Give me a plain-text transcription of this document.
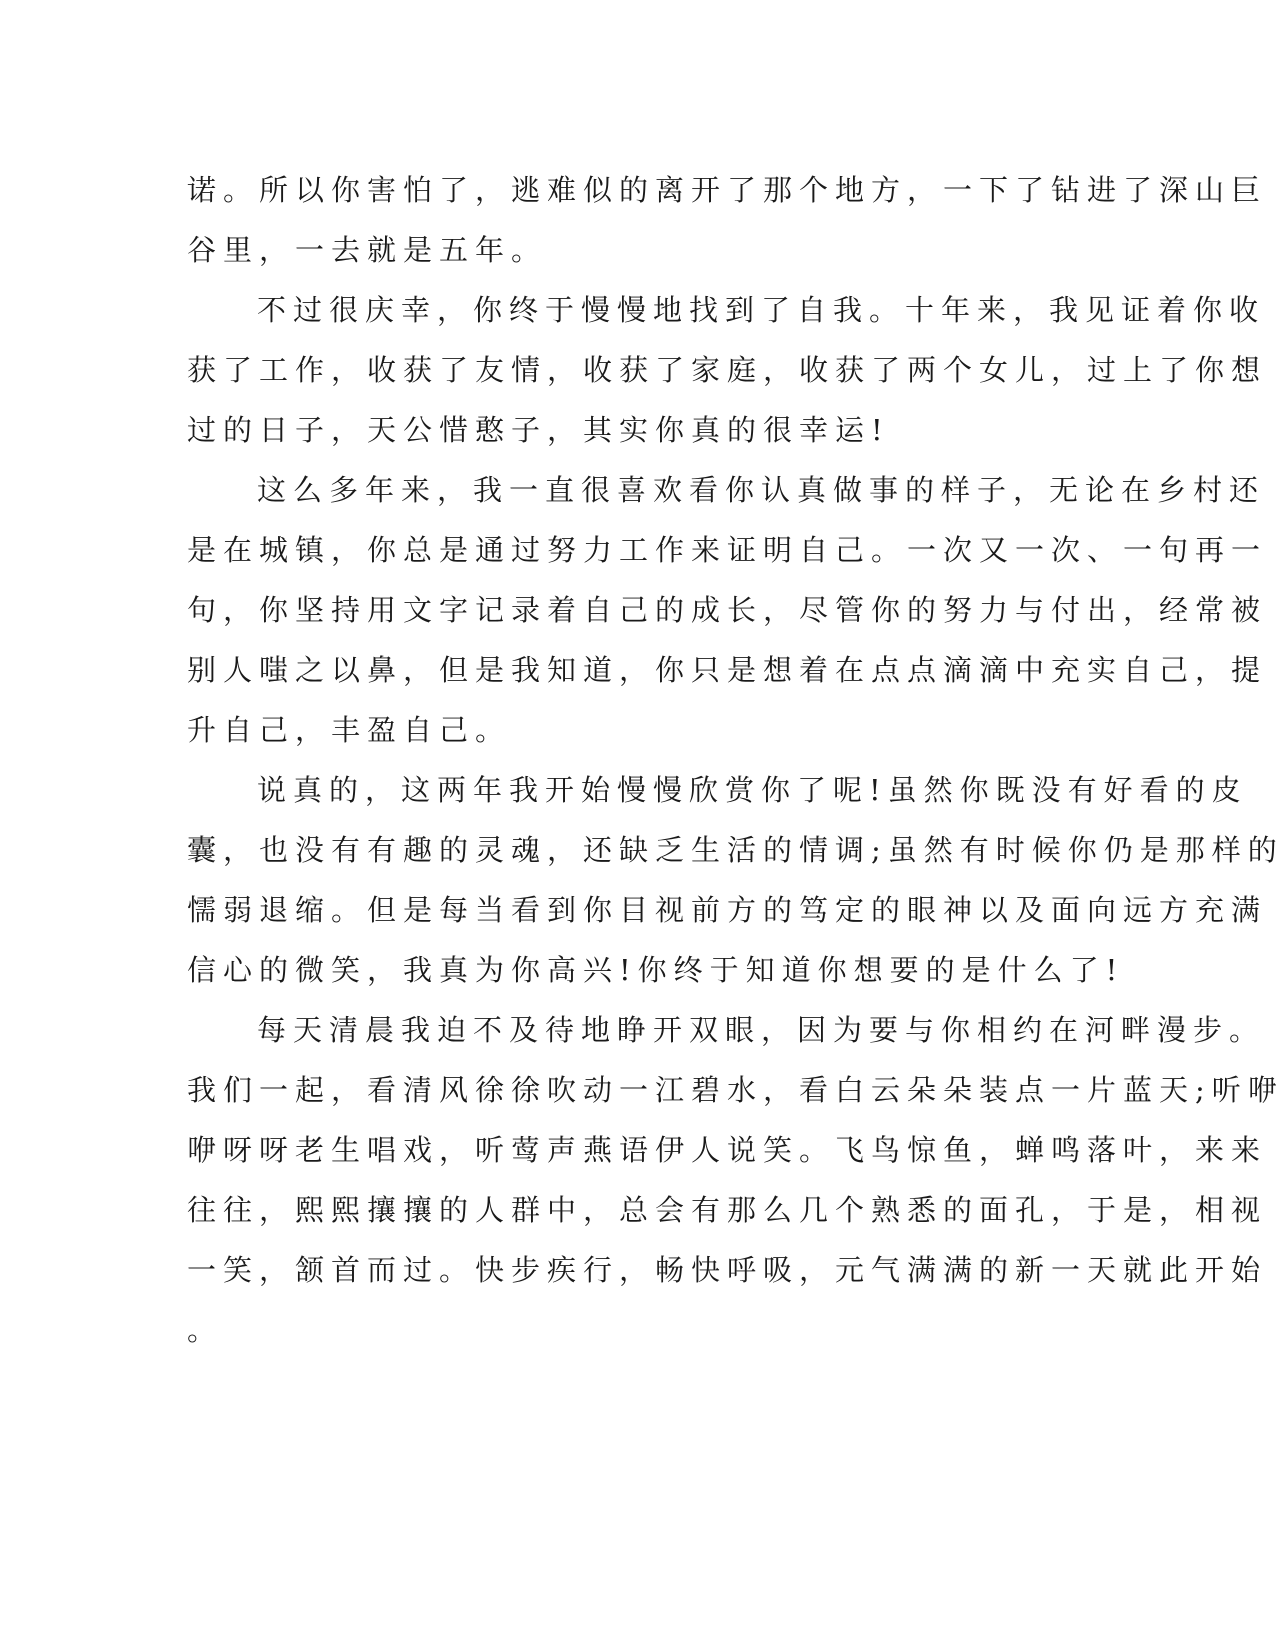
诺。所以你害怕了，逃难似的离开了那个地方，一下了钻进了深山巨
谷里，一去就是五年。
不过很庆幸，你终于慢慢地找到了自我。十年来，我见证着你收
获了工作，收获了友情，收获了家庭，收获了两个女儿，过上了你想
过的日子，天公惜憨子，其实你真的很幸运!
这么多年来，我一直很喜欢看你认真做事的样子，无论在乡村还
是在城镇，你总是通过努力工作来证明自己。一次又一次、一句再一
句，你坚持用文字记录着自己的成长，尽管你的努力与付出，经常被
别人嗤之以鼻，但是我知道，你只是想着在点点滴滴中充实自己，提
升自己，丰盈自己。
说真的，这两年我开始慢慢欣赏你了呢!虽然你既没有好看的皮
囊，也没有有趣的灵魂，还缺乏生活的情调;虽然有时候你仍是那样的
懦弱退缩。但是每当看到你目视前方的笃定的眼神以及面向远方充满
信心的微笑，我真为你高兴!你终于知道你想要的是什么了!
每天清晨我迫不及待地睁开双眼，因为要与你相约在河畔漫步。
我们一起，看清风徐徐吹动一江碧水，看白云朵朵装点一片蓝天;听咿
咿呀呀老生唱戏，听莺声燕语伊人说笑。飞鸟惊鱼，蝉鸣落叶，来来
往往，熙熙攘攘的人群中，总会有那么几个熟悉的面孔，于是，相视
一笑，颔首而过。快步疾行，畅快呼吸，元气满满的新一天就此开始
。
